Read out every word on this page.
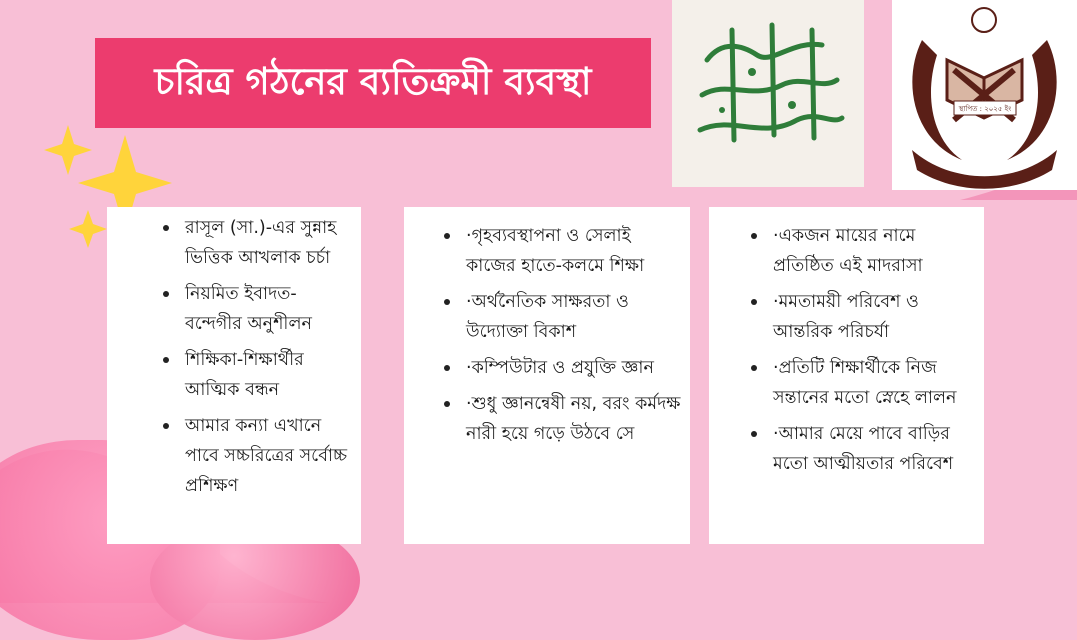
চরিত্র গঠনের ব্যতিক্রমী ব্যবস্থা
স্থাপিত : ২০২৫ ইং
রাসূল (সা.)-এর সুন্নাহ ভিত্তিক আখলাক চর্চা
নিয়মিত ইবাদত-বন্দেগীর অনুশীলন
শিক্ষিকা-শিক্ষার্থীর আত্মিক বন্ধন
আমার কন্যা এখানে পাবে সচ্চরিত্রের সর্বোচ্চ প্রশিক্ষণ
·গৃহব্যবস্থাপনা ও সেলাই কাজের হাতে-কলমে শিক্ষা
·অর্থনৈতিক সাক্ষরতা ও উদ্যোক্তা বিকাশ
·কম্পিউটার ও প্রযুক্তি জ্ঞান
·শুধু জ্ঞানন্বেষী নয়, বরং কর্মদক্ষ নারী হয়ে গড়ে উঠবে সে
·একজন মায়ের নামে প্রতিষ্ঠিত এই মাদরাসা
·মমতাময়ী পরিবেশ ও আন্তরিক পরিচর্যা
·প্রতিটি শিক্ষার্থীকে নিজ সন্তানের মতো স্নেহে লালন
·আমার মেয়ে পাবে বাড়ির মতো আত্মীয়তার পরিবেশ
